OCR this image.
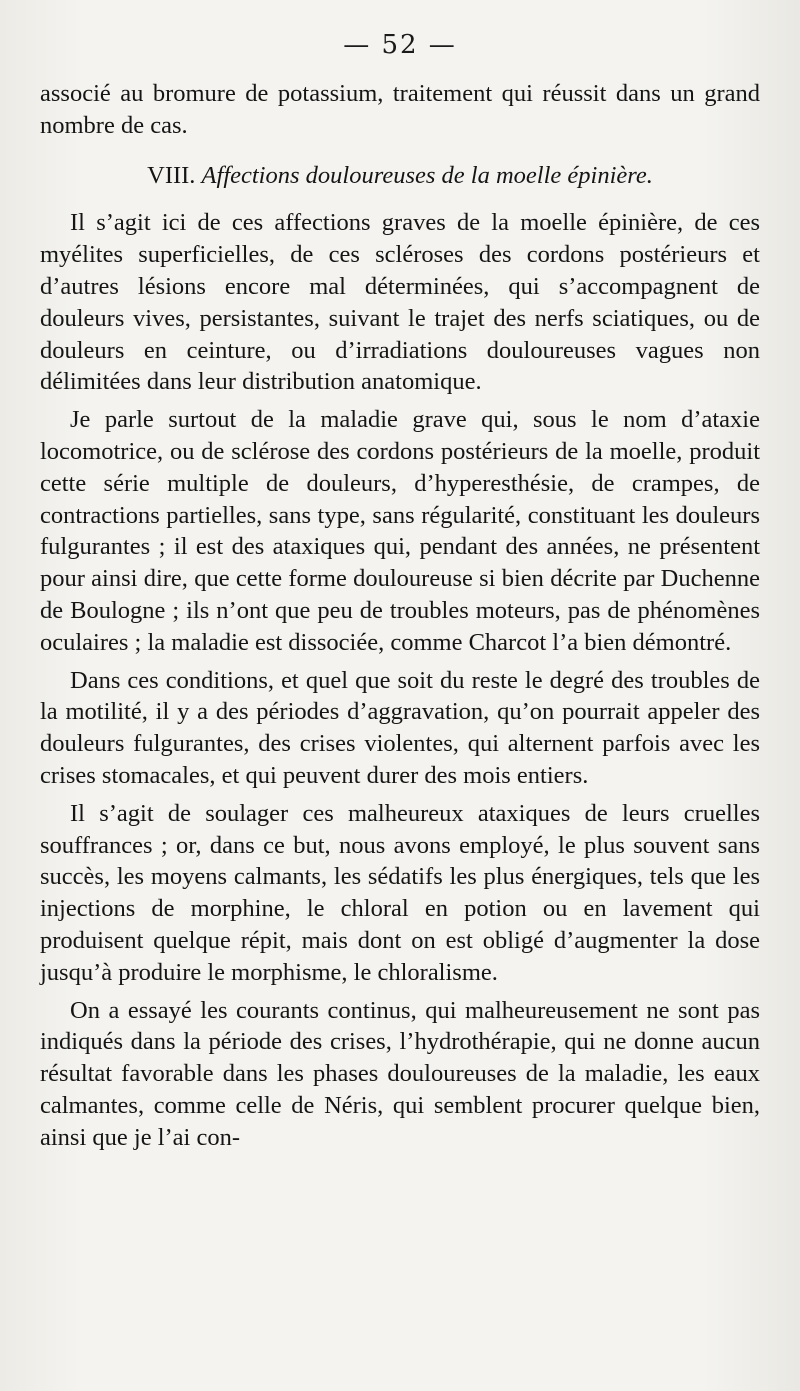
— 52 —

associé au bromure de potassium, traitement qui réussit dans un grand nombre de cas.

VIII. Affections douloureuses de la moelle épinière.

Il s’agit ici de ces affections graves de la moelle épinière, de ces myélites superficielles, de ces scléroses des cordons postérieurs et d’autres lésions encore mal déterminées, qui s’accompagnent de douleurs vives, persistantes, suivant le trajet des nerfs sciatiques, ou de douleurs en ceinture, ou d’irradiations douloureuses vagues non délimitées dans leur distribution anatomique.

Je parle surtout de la maladie grave qui, sous le nom d’ataxie locomotrice, ou de sclérose des cordons postérieurs de la moelle, produit cette série multiple de douleurs, d’hyperesthésie, de crampes, de contractions partielles, sans type, sans régularité, constituant les douleurs fulgurantes ; il est des ataxiques qui, pendant des années, ne présentent pour ainsi dire, que cette forme douloureuse si bien décrite par Duchenne de Boulogne ; ils n’ont que peu de troubles moteurs, pas de phénomènes oculaires ; la maladie est dissociée, comme Charcot l’a bien démontré.

Dans ces conditions, et quel que soit du reste le degré des troubles de la motilité, il y a des périodes d’aggravation, qu’on pourrait appeler des douleurs fulgurantes, des crises violentes, qui alternent parfois avec les crises stomacales, et qui peuvent durer des mois entiers.

Il s’agit de soulager ces malheureux ataxiques de leurs cruelles souffrances ; or, dans ce but, nous avons employé, le plus souvent sans succès, les moyens calmants, les sédatifs les plus énergiques, tels que les injections de morphine, le chloral en potion ou en lavement qui produisent quelque répit, mais dont on est obligé d’augmenter la dose jusqu’à produire le morphisme, le chloralisme.

On a essayé les courants continus, qui malheureusement ne sont pas indiqués dans la période des crises, l’hydrothérapie, qui ne donne aucun résultat favorable dans les phases douloureuses de la maladie, les eaux calmantes, comme celle de Néris, qui semblent procurer quelque bien, ainsi que je l’ai con-
